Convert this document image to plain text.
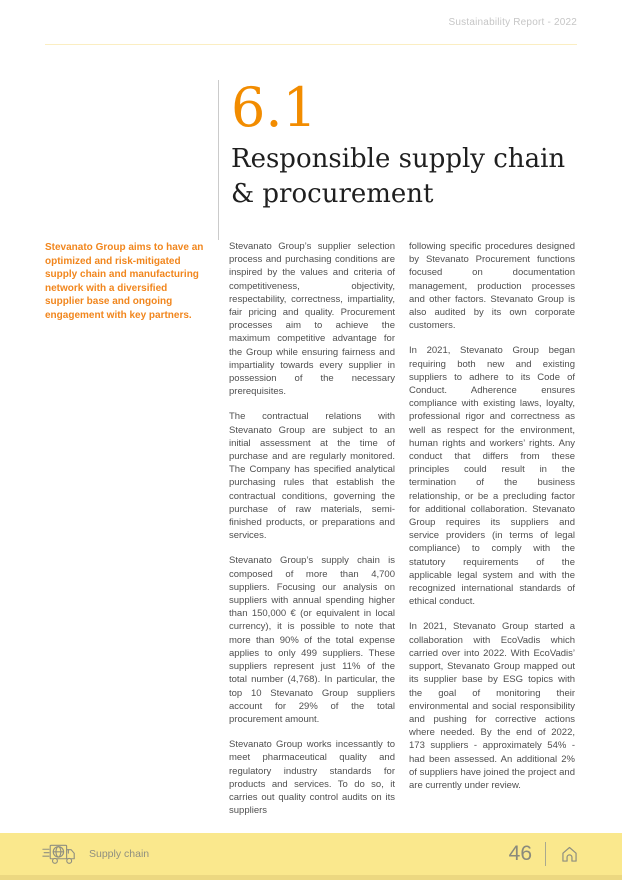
Sustainability Report - 2022
6.1
Responsible supply chain
& procurement
Stevanato Group aims to have an optimized and risk-mitigated supply chain and manufacturing network with a diversified supplier base and ongoing engagement with key partners.

Stevanato Group’s supplier selection process and purchasing conditions are inspired by the values and criteria of competitiveness, objectivity, respectability, correctness, impartiality, fair pricing and quality. Procurement processes aim to achieve the maximum competitive advantage for the Group while ensuring fairness and impartiality towards every supplier in possession of the necessary prerequisites.

The contractual relations with Stevanato Group are subject to an initial assessment at the time of purchase and are regularly monitored. The Company has specified analytical purchasing rules that establish the contractual conditions, governing the purchase of raw materials, semi-finished products, or preparations and services.

Stevanato Group’s supply chain is composed of more than 4,700 suppliers. Focusing our analysis on suppliers with annual spending higher than 150,000 € (or equivalent in local currency), it is possible to note that more than 90% of the total expense applies to only 499 suppliers. These suppliers represent just 11% of the total number (4,768). In particular, the top 10 Stevanato Group suppliers account for 29% of the total procurement amount.

Stevanato Group works incessantly to meet pharmaceutical quality and regulatory industry standards for products and services. To do so, it carries out quality control audits on its suppliers

following specific procedures designed by Stevanato Procurement functions focused on documentation management, production processes and other factors. Stevanato Group is also audited by its own corporate customers.

In 2021, Stevanato Group began requiring both new and existing suppliers to adhere to its Code of Conduct. Adherence ensures compliance with existing laws, loyalty, professional rigor and correctness as well as respect for the environment, human rights and workers’ rights. Any conduct that differs from these principles could result in the termination of the business relationship, or be a precluding factor for additional collaboration. Stevanato Group requires its suppliers and service providers (in terms of legal compliance) to comply with the statutory requirements of the applicable legal system and with the recognized international standards of ethical conduct.

In 2021, Stevanato Group started a collaboration with EcoVadis which carried over into 2022. With EcoVadis’ support, Stevanato Group mapped out its supplier base by ESG topics with the goal of monitoring their environmental and social responsibility and pushing for corrective actions where needed. By the end of 2022, 173 suppliers - approximately 54% - had been assessed. An additional 2% of suppliers have joined the project and are currently under review.

Supply chain	46
